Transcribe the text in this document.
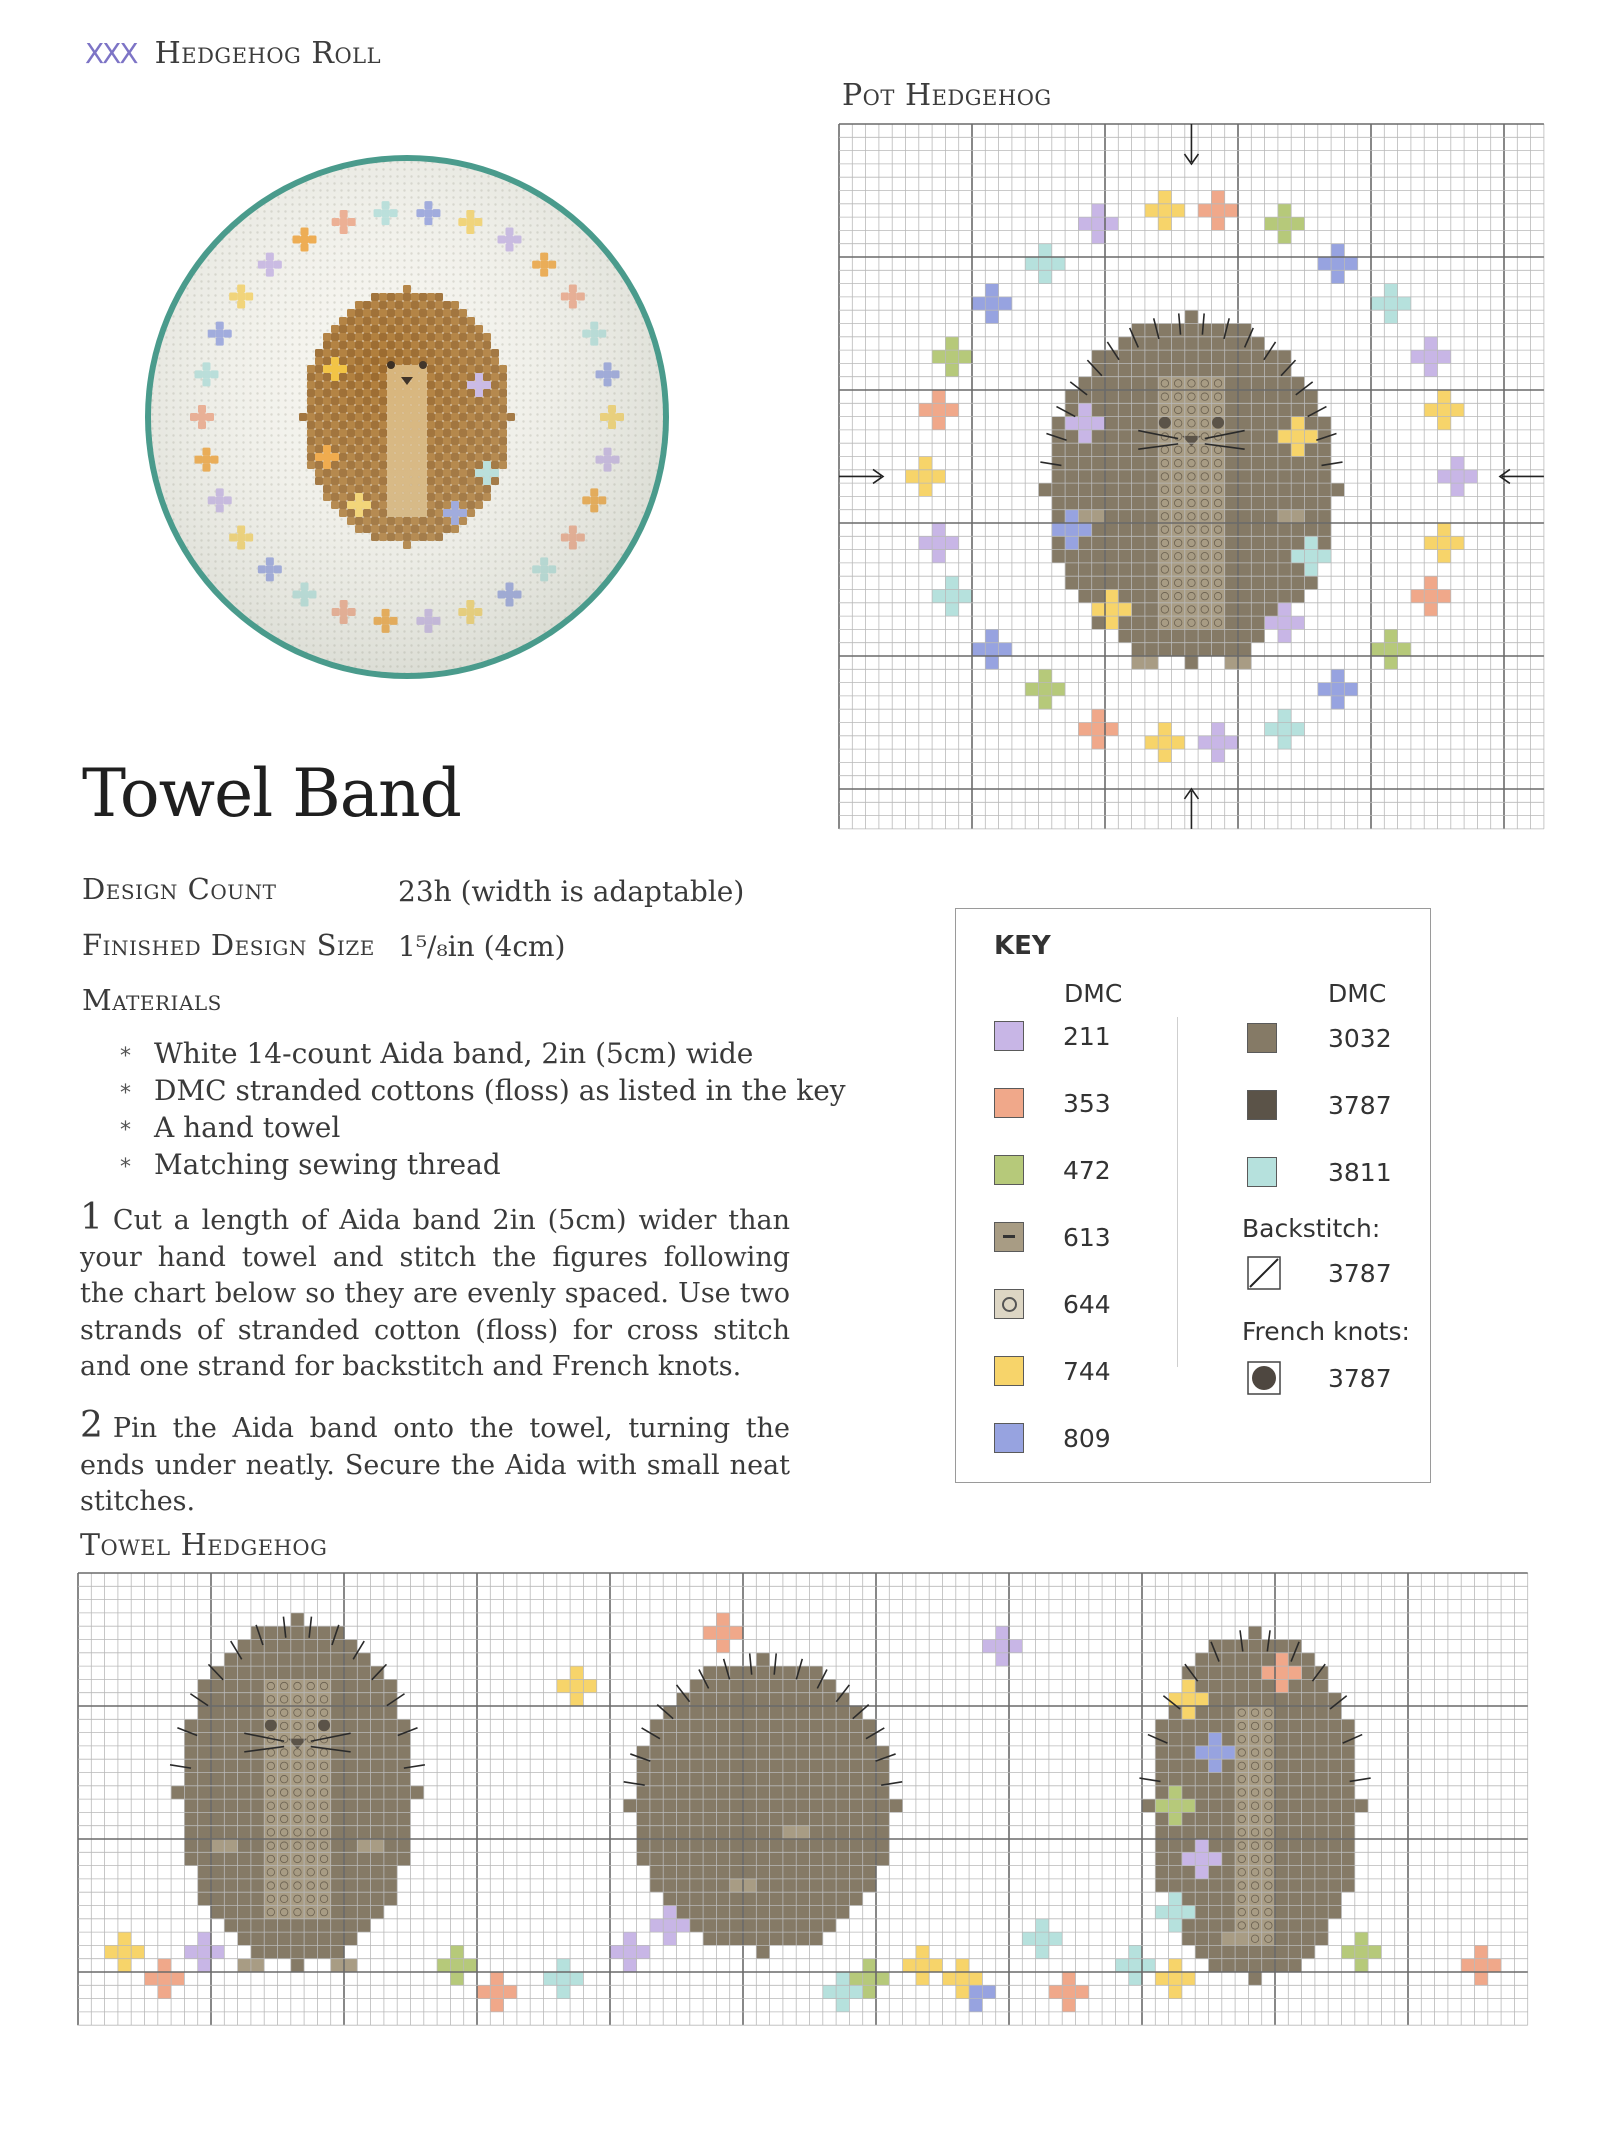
XXX Hedgehog Roll
Pot Hedgehog
Towel Band
Design Count	23h (width is adaptable)
Finished Design Size 1⁵/₈in (4cm)
Materials
* White 14-count Aida band, 2in (5cm) wide
* DMC stranded cottons (floss) as listed in the key
* A hand towel
* Matching sewing thread
1 Cut a length of Aida band 2in (5cm) wider than your hand towel and stitch the figures following the chart below so they are evenly spaced. Use two strands of stranded cotton (floss) for cross stitch and one strand for backstitch and French knots.
2 Pin the Aida band onto the towel, turning the ends under neatly. Secure the Aida with small neat stitches.
KEY
DMC	DMC
211
353
472
613
644
744
809
3032
3787
3811
Backstitch:
3787
French knots:
3787
Towel Hedgehog
